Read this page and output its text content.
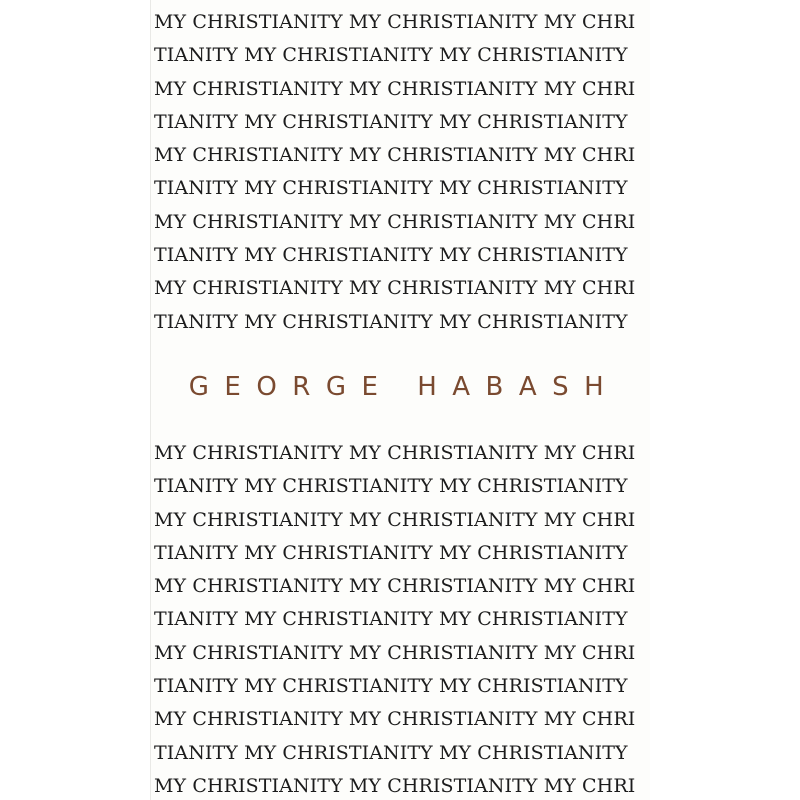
MY CHRISTIANITY MY CHRISTIANITY MY CHRI
TIANITY MY CHRISTIANITY MY CHRISTIANITY
MY CHRISTIANITY MY CHRISTIANITY MY CHRI
TIANITY MY CHRISTIANITY MY CHRISTIANITY
MY CHRISTIANITY MY CHRISTIANITY MY CHRI
TIANITY MY CHRISTIANITY MY CHRISTIANITY
MY CHRISTIANITY MY CHRISTIANITY MY CHRI
TIANITY MY CHRISTIANITY MY CHRISTIANITY
MY CHRISTIANITY MY CHRISTIANITY MY CHRI
TIANITY MY CHRISTIANITY MY CHRISTIANITY
GEORGE HABASH
MY CHRISTIANITY MY CHRISTIANITY MY CHRI
TIANITY MY CHRISTIANITY MY CHRISTIANITY
MY CHRISTIANITY MY CHRISTIANITY MY CHRI
TIANITY MY CHRISTIANITY MY CHRISTIANITY
MY CHRISTIANITY MY CHRISTIANITY MY CHRI
TIANITY MY CHRISTIANITY MY CHRISTIANITY
MY CHRISTIANITY MY CHRISTIANITY MY CHRI
TIANITY MY CHRISTIANITY MY CHRISTIANITY
MY CHRISTIANITY MY CHRISTIANITY MY CHRI
TIANITY MY CHRISTIANITY MY CHRISTIANITY
MY CHRISTIANITY MY CHRISTIANITY MY CHRI
